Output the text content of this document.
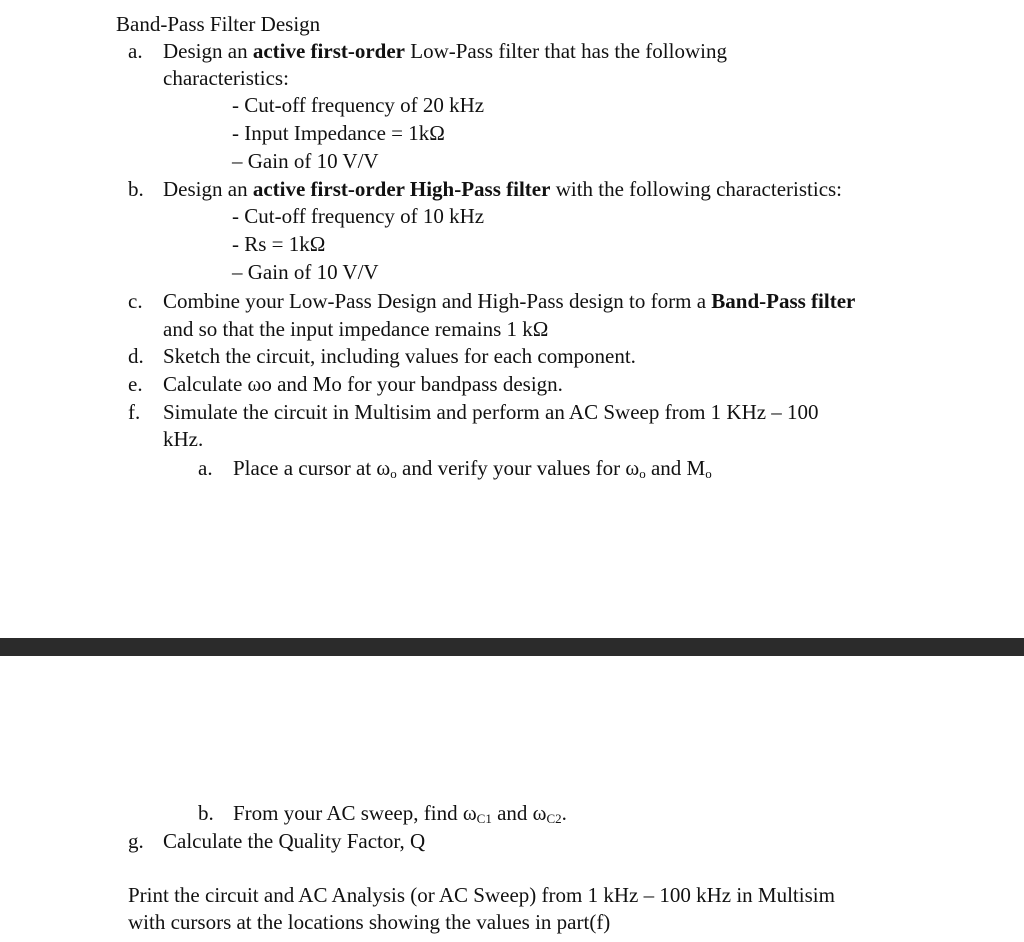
Band-Pass Filter Design
a. Design an active first-order Low-Pass filter that has the following
characteristics:
- Cut-off frequency of 20 kHz
- Input Impedance = 1kΩ
– Gain of 10 V/V
b. Design an active first-order High-Pass filter with the following characteristics:
- Cut-off frequency of 10 kHz
- Rs = 1kΩ
– Gain of 10 V/V
c. Combine your Low-Pass Design and High-Pass design to form a Band-Pass filter
and so that the input impedance remains 1 kΩ
d. Sketch the circuit, including values for each component.
e. Calculate ωo and Mo for your bandpass design.
f. Simulate the circuit in Multisim and perform an AC Sweep from 1 KHz – 100
kHz.
a. Place a cursor at $\omega_o$ and verify your values for $\omega_o$ and $M_o$
b. From your AC sweep, find $\omega_{C1}$ and $\omega_{C2}$.
g. Calculate the Quality Factor, Q
Print the circuit and AC Analysis (or AC Sweep) from 1 kHz – 100 kHz in Multisim
with cursors at the locations showing the values in part(f)
